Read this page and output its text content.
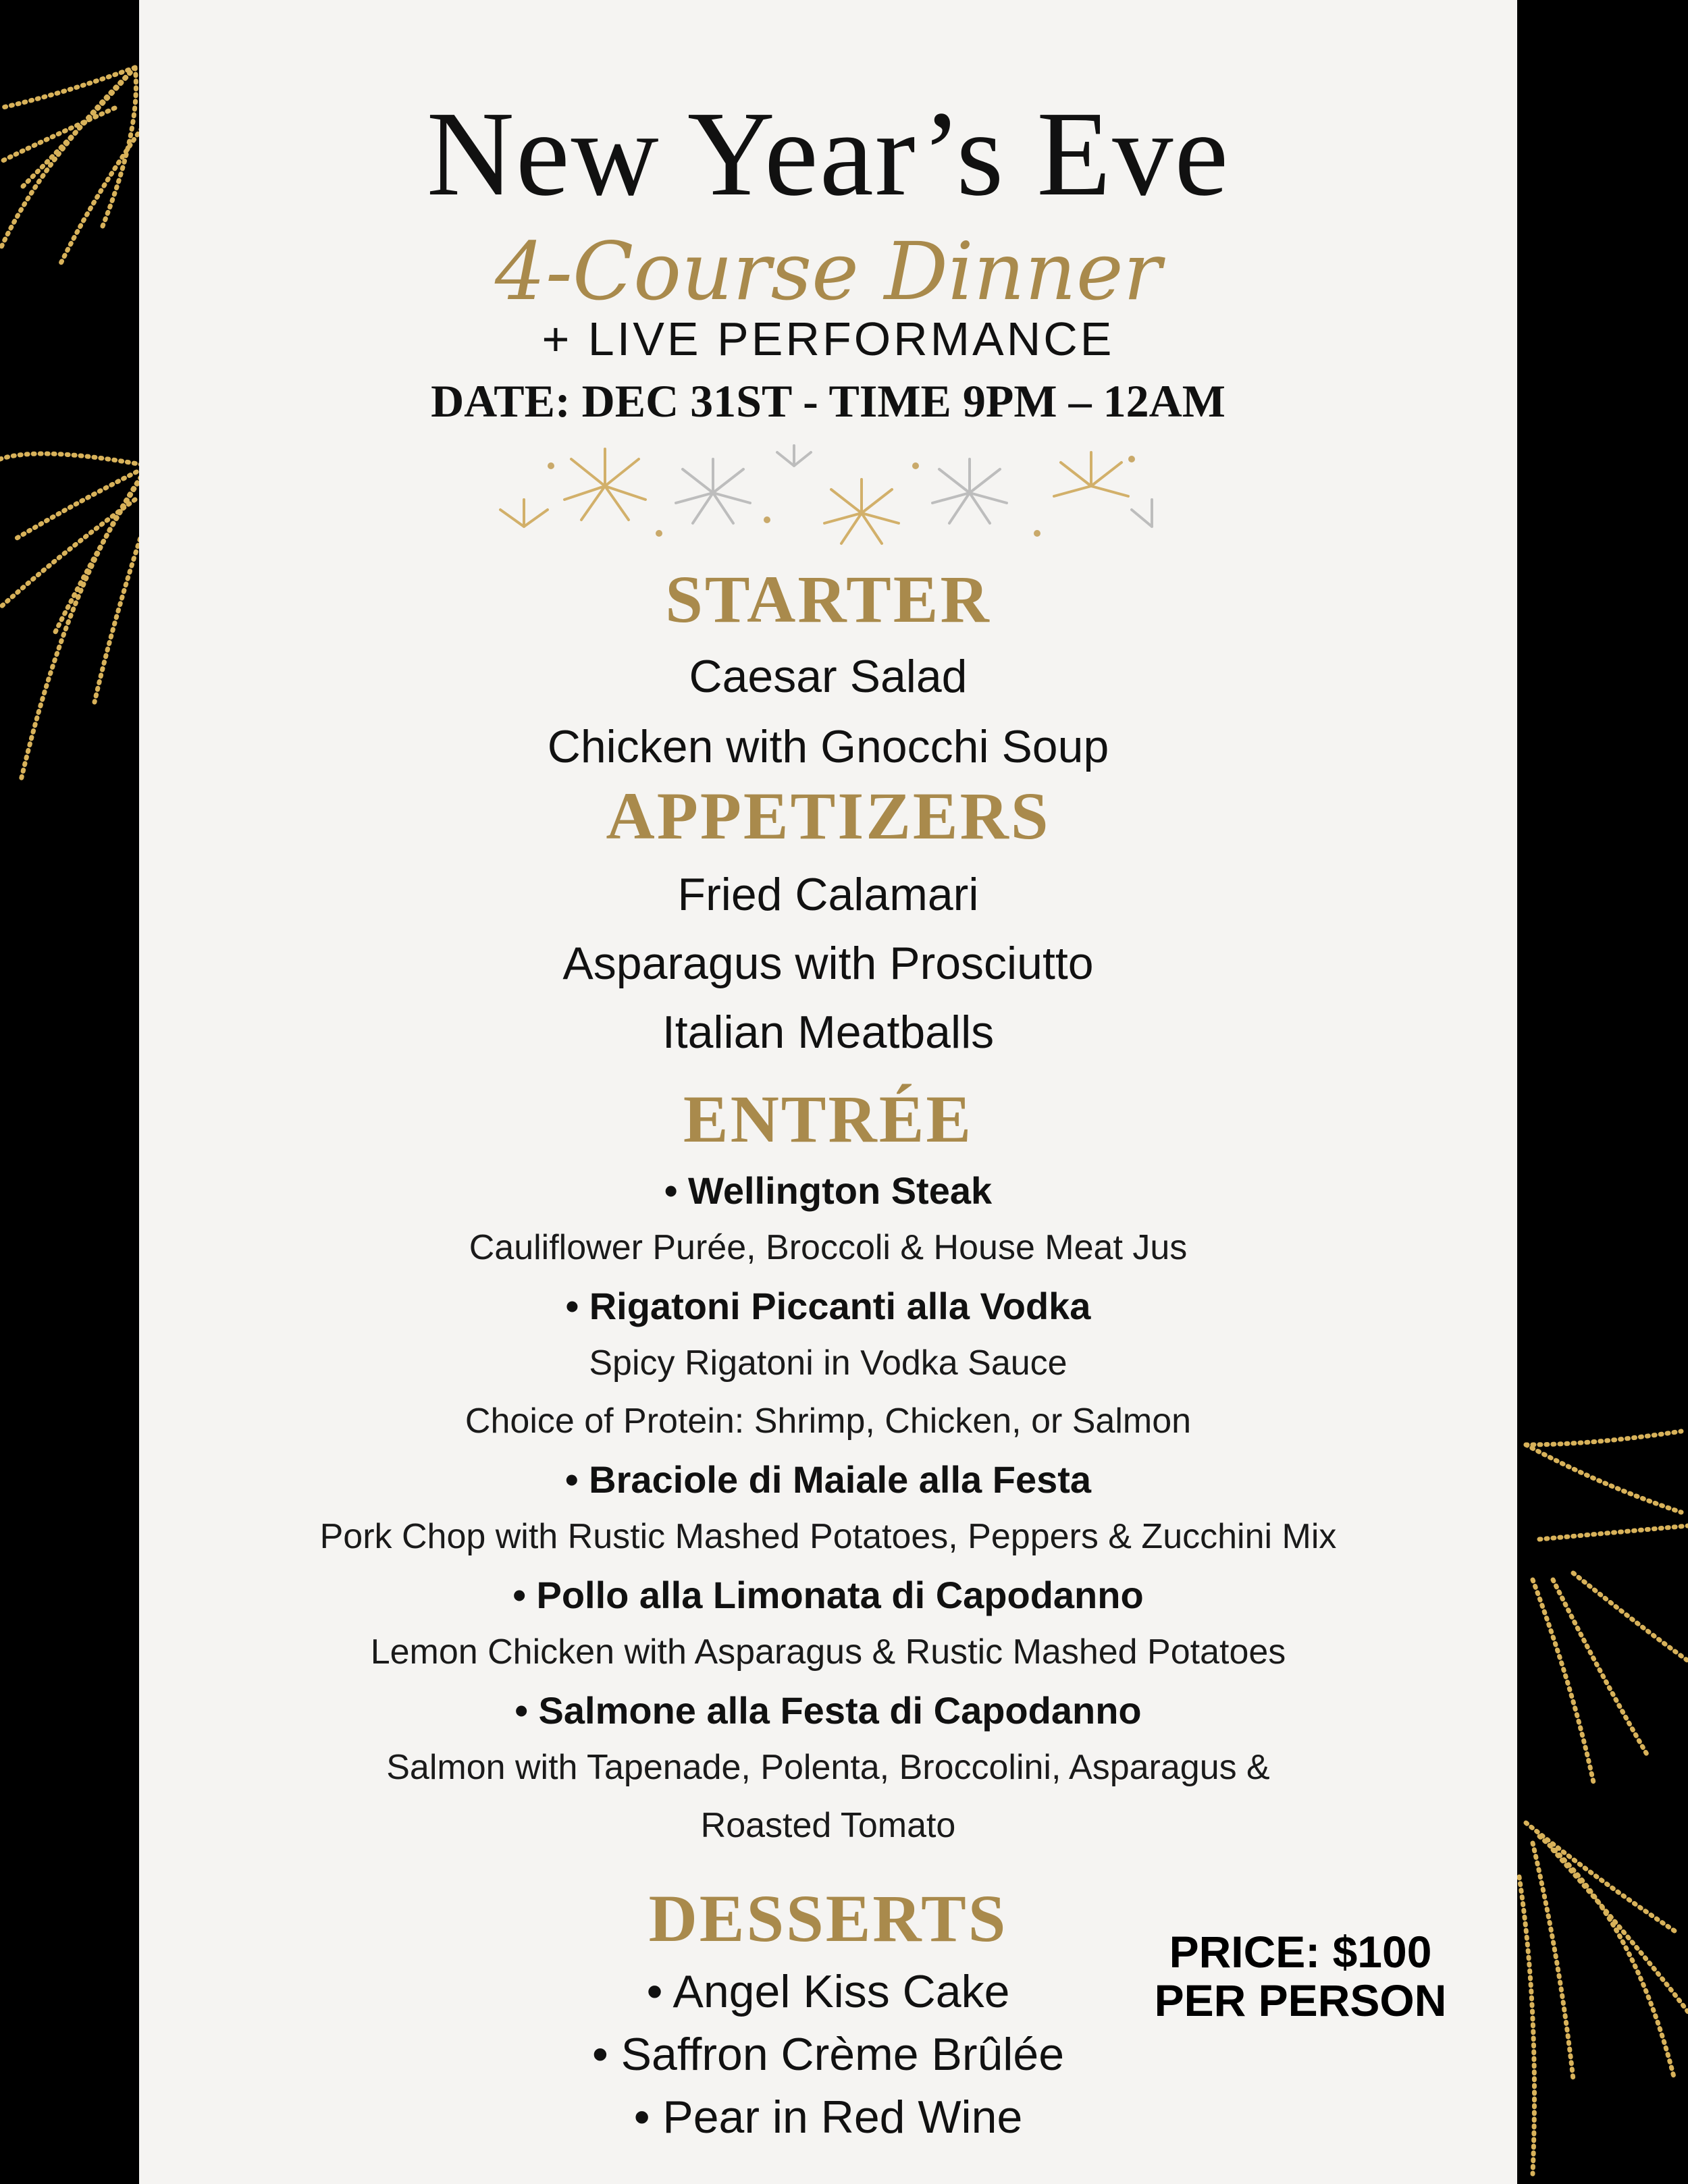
New Year’s Eve
4-Course Dinner
+ LIVE PERFORMANCE
DATE: DEC 31ST - TIME 9PM – 12AM
STARTER
Caesar Salad
Chicken with Gnocchi Soup
APPETIZERS
Fried Calamari
Asparagus with Prosciutto
Italian Meatballs
ENTRÉE
• Wellington Steak
Cauliflower Purée, Broccoli & House Meat Jus
• Rigatoni Piccanti alla Vodka
Spicy Rigatoni in Vodka Sauce
Choice of Protein: Shrimp, Chicken, or Salmon
• Braciole di Maiale alla Festa
Pork Chop with Rustic Mashed Potatoes, Peppers & Zucchini Mix
• Pollo alla Limonata di Capodanno
Lemon Chicken with Asparagus & Rustic Mashed Potatoes
• Salmone alla Festa di Capodanno
Salmon with Tapenade, Polenta, Broccolini, Asparagus &
Roasted Tomato
DESSERTS
• Angel Kiss Cake
• Saffron Crème Brûlée
• Pear in Red Wine
PRICE: $100
PER PERSON
